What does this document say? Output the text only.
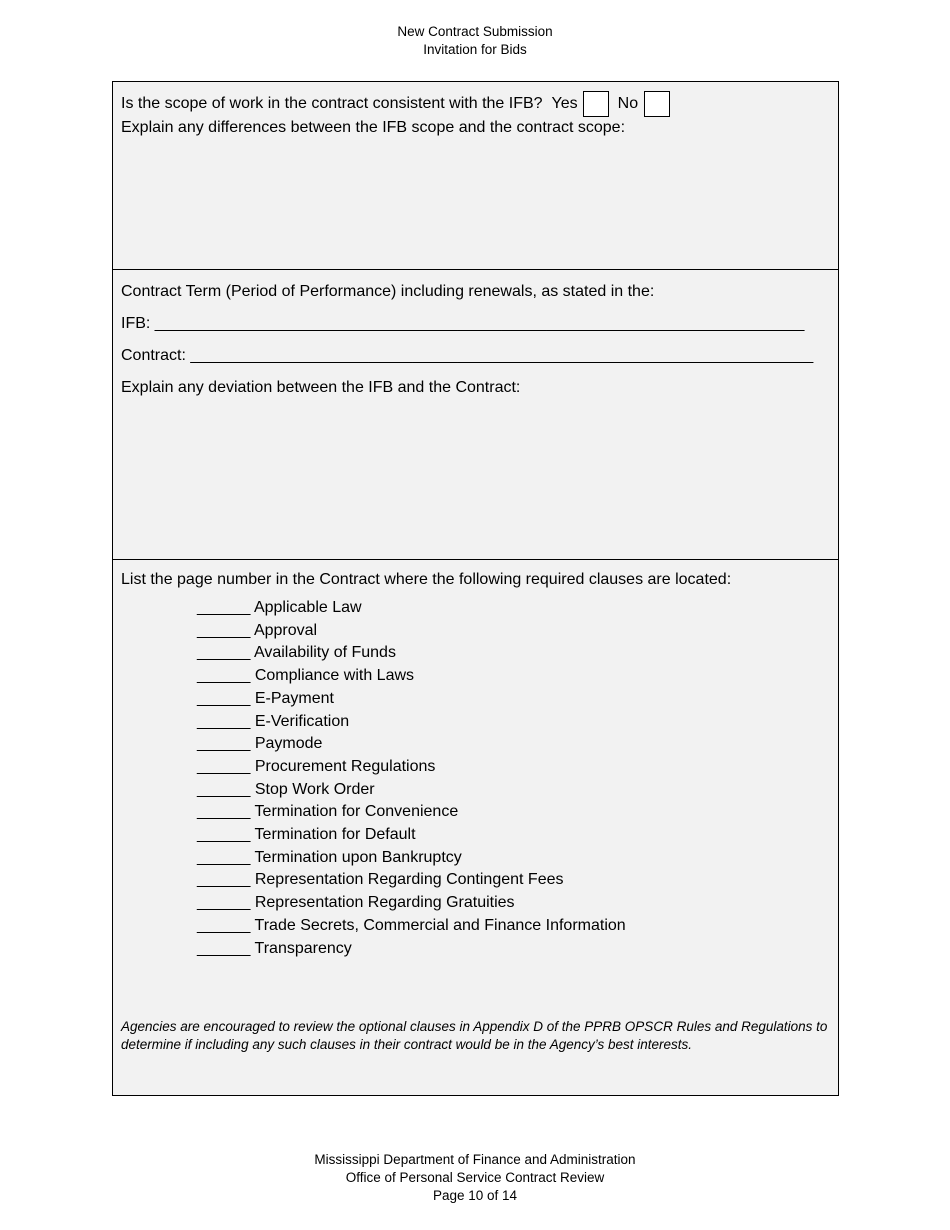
New Contract Submission
Invitation for Bids
Is the scope of work in the contract consistent with the IFB? Yes	No
Explain any differences between the IFB scope and the contract scope:
Contract Term (Period of Performance) including renewals, as stated in the:
IFB: _________________________________________________________________________
Contract: ______________________________________________________________________
Explain any deviation between the IFB and the Contract:
List the page number in the Contract where the following required clauses are located:
______ Applicable Law
______ Approval
______ Availability of Funds
______ Compliance with Laws
______ E-Payment
______ E-Verification
______ Paymode
______ Procurement Regulations
______ Stop Work Order
______ Termination for Convenience
______ Termination for Default
______ Termination upon Bankruptcy
______ Representation Regarding Contingent Fees
______ Representation Regarding Gratuities
______ Trade Secrets, Commercial and Finance Information
______ Transparency
Agencies are encouraged to review the optional clauses in Appendix D of the PPRB OPSCR Rules and Regulations to determine if including any such clauses in their contract would be in the Agency’s best interests.
Mississippi Department of Finance and Administration
Office of Personal Service Contract Review
Page 10 of 14
